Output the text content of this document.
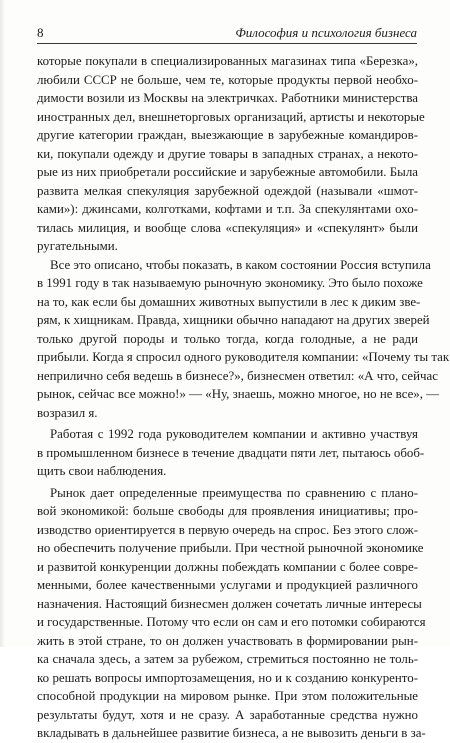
8	Философия и психология бизнеса
которые покупали в специализированных магазинах типа «Березка»,
любили СССР не больше, чем те, которые продукты первой необхо-
димости возили из Москвы на электричках. Работники министерства
иностранных дел, внешнеторговых организаций, артисты и некоторые
другие категории граждан, выезжающие в зарубежные командиров-
ки, покупали одежду и другие товары в западных странах, а некото-
рые из них приобретали российские и зарубежные автомобили. Была
развита мелкая спекуляция зарубежной одеждой (называли «шмот-
ками»): джинсами, колготками, кофтами и т.п. За спекулянтами охо-
тилась милиция, и вообще слова «спекуляция» и «спекулянт» были
ругательными.
Все это описано, чтобы показать, в каком состоянии Россия вступила
в 1991 году в так называемую рыночную экономику. Это было похоже
на то, как если бы домашних животных выпустили в лес к диким зве-
рям, к хищникам. Правда, хищники обычно нападают на других зверей
только другой породы и только тогда, когда голодные, а не ради
прибыли. Когда я спросил одного руководителя компании: «Почему ты так
неприлично себя ведешь в бизнесе?», бизнесмен ответил: «А что, сейчас
рынок, сейчас все можно!» — «Ну, знаешь, можно многое, но не все», —
возразил я.
Работая с 1992 года руководителем компании и активно участвуя
в промышленном бизнесе в течение двадцати пяти лет, пытаюсь обоб-
щить свои наблюдения.
Рынок дает определенные преимущества по сравнению с плано-
вой экономикой: больше свободы для проявления инициативы; про-
изводство ориентируется в первую очередь на спрос. Без этого слож-
но обеспечить получение прибыли. При честной рыночной экономике
и развитой конкуренции должны побеждать компании с более совре-
менными, более качественными услугами и продукцией различного
назначения. Настоящий бизнесмен должен сочетать личные интересы
и государственные. Потому что если он сам и его потомки собираются
жить в этой стране, то он должен участвовать в формировании рын-
ка сначала здесь, а затем за рубежом, стремиться постоянно не толь-
ко решать вопросы импортозамещения, но и к созданию конкуренто-
способной продукции на мировом рынке. При этом положительные
результаты будут, хотя и не сразу. А заработанные средства нужно
вкладывать в дальнейшее развитие бизнеса, а не вывозить деньги в за-
